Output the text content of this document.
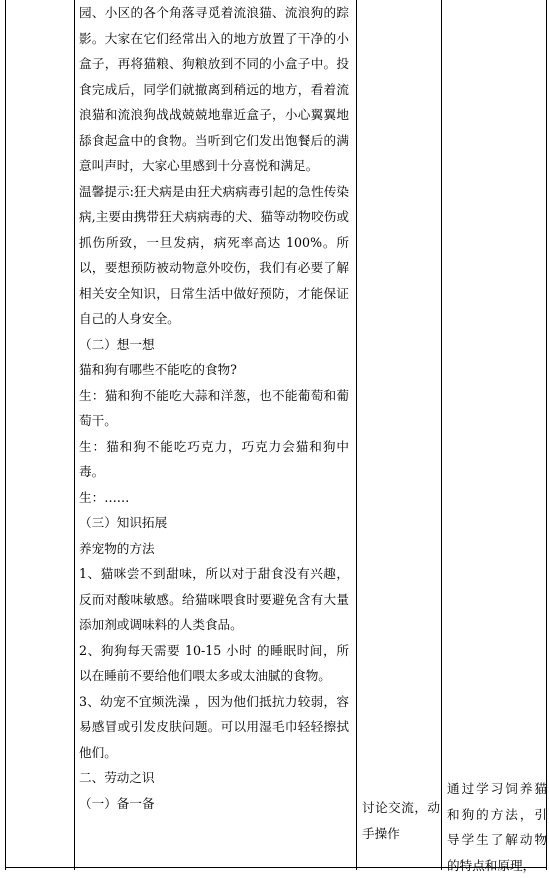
园、小区的各个角落寻觅着流浪猫、流浪狗的踪影。大家在它们经常出入的地方放置了干净的小盒子，再将猫粮、狗粮放到不同的小盒子中。投食完成后，同学们就撤离到稍远的地方，看着流浪猫和流浪狗战战兢兢地靠近盒子，小心翼翼地舔食起盒中的食物。当听到它们发出饱餐后的满意叫声时，大家心里感到十分喜悦和满足。

温馨提示:狂犬病是由狂犬病病毒引起的急性传染病,主要由携带狂犬病病毒的犬、猫等动物咬伤或抓伤所致，一旦发病，病死率高达 100%。所以，要想预防被动物意外咬伤，我们有必要了解相关安全知识，日常生活中做好预防，才能保证自己的人身安全。

（二）想一想

猫和狗有哪些不能吃的食物?

生：猫和狗不能吃大蒜和洋葱，也不能葡萄和葡萄干。

生：猫和狗不能吃巧克力，巧克力会猫和狗中毒。

生：……

（三）知识拓展

养宠物的方法

1、猫咪尝不到甜味，所以对于甜食没有兴趣，反而对酸味敏感。给猫咪喂食时要避免含有大量添加剂或调味料的人类食品。

2、狗狗每天需要 10-15 小时 的睡眠时间，所以在睡前不要给他们喂太多或太油腻的食物。

3、幼宠不宜频洗澡 ，因为他们抵抗力较弱，容易感冒或引发皮肤问题。可以用湿毛巾轻轻擦拭他们。

二、劳动之识

（一）备一备	讨论交流，动手操作

通过学习饲养猫和狗的方法，引导学生了解动物的特点和原理，
